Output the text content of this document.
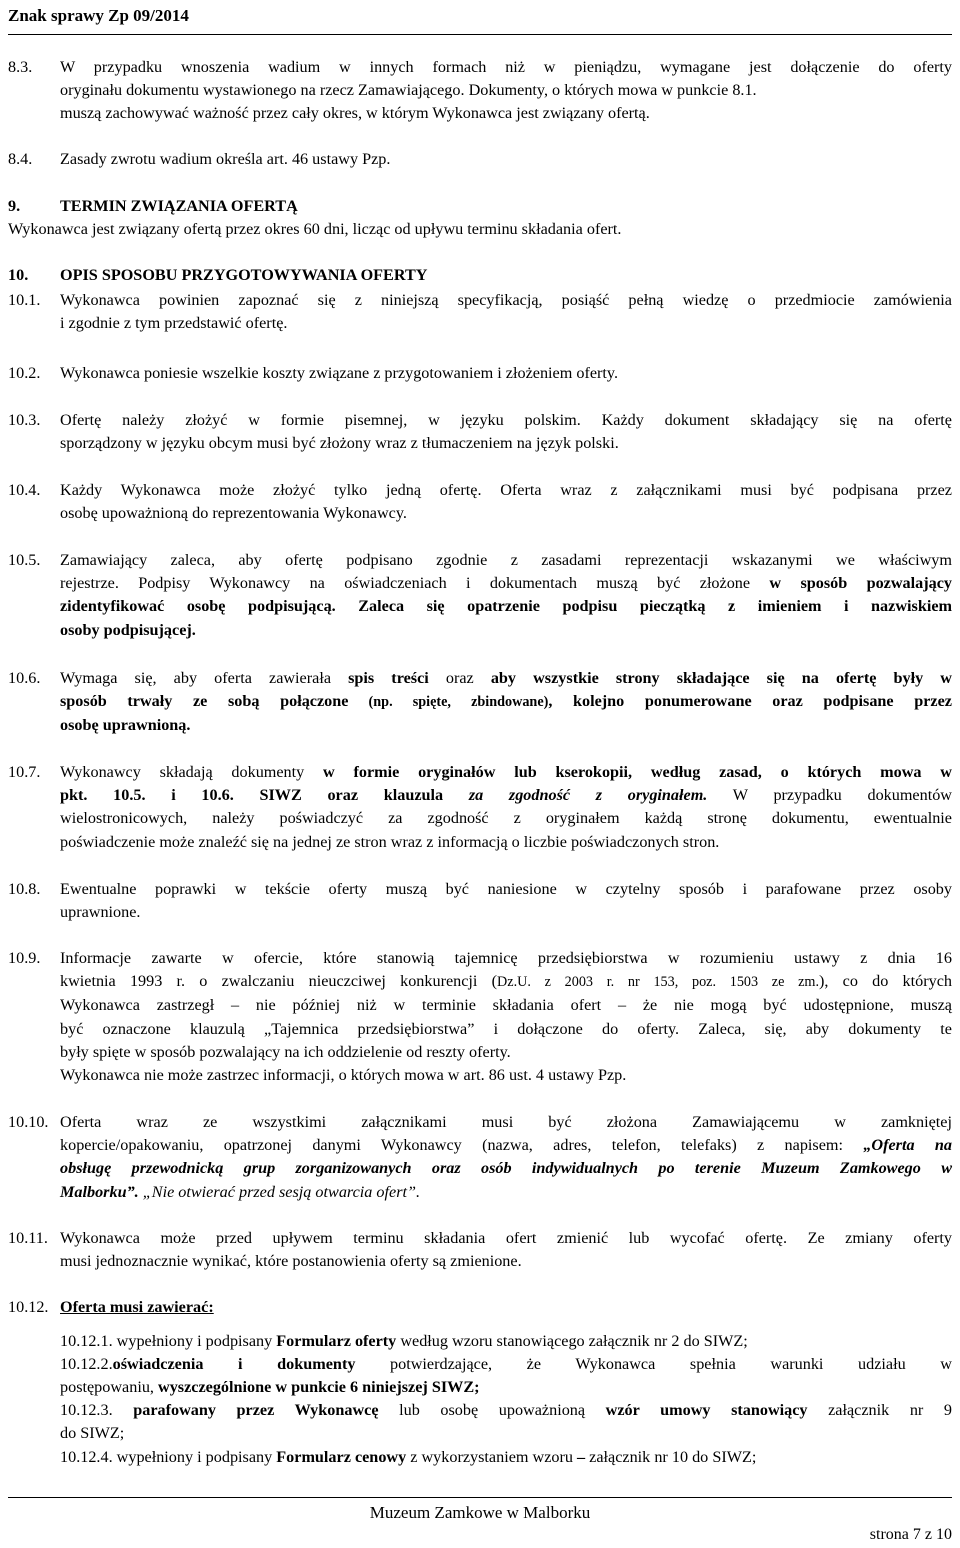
Znak sprawy Zp 09/2014
8.3. W przypadku wnoszenia wadium w innych formach niż w pieniądzu, wymagane jest dołączenie do oferty
oryginału dokumentu wystawionego na rzecz Zamawiającego. Dokumenty, o których mowa w punkcie 8.1.
muszą zachowywać ważność przez cały okres, w którym Wykonawca jest związany ofertą.
8.4. Zasady zwrotu wadium określa art. 46 ustawy Pzp.
9. TERMIN ZWIĄZANIA OFERTĄ
Wykonawca jest związany ofertą przez okres 60 dni, licząc od upływu terminu składania ofert.
10. OPIS SPOSOBU PRZYGOTOWYWANIA OFERTY
10.1. Wykonawca powinien zapoznać się z niniejszą specyfikacją, posiąść pełną wiedzę o przedmiocie zamówienia
i zgodnie z tym przedstawić ofertę.
10.2. Wykonawca poniesie wszelkie koszty związane z przygotowaniem i złożeniem oferty.
10.3. Ofertę należy złożyć w formie pisemnej, w języku polskim. Każdy dokument składający się na ofertę
sporządzony w języku obcym musi być złożony wraz z tłumaczeniem na język polski.
10.4. Każdy Wykonawca może złożyć tylko jedną ofertę. Oferta wraz z załącznikami musi być podpisana przez
osobę upoważnioną do reprezentowania Wykonawcy.
10.5. Zamawiający zaleca, aby ofertę podpisano zgodnie z zasadami reprezentacji wskazanymi we właściwym
rejestrze. Podpisy Wykonawcy na oświadczeniach i dokumentach muszą być złożone w sposób pozwalający
zidentyfikować osobę podpisującą. Zaleca się opatrzenie podpisu pieczątką z imieniem i nazwiskiem
osoby podpisującej.
10.6. Wymaga się, aby oferta zawierała spis treści oraz aby wszystkie strony składające się na ofertę były w
sposób trwały ze sobą połączone (np. spięte, zbindowane), kolejno ponumerowane oraz podpisane przez
osobę uprawnioną.
10.7. Wykonawcy składają dokumenty w formie oryginałów lub kserokopii, według zasad, o których mowa w
pkt. 10.5. i 10.6. SIWZ oraz klauzula za zgodność z oryginałem. W przypadku dokumentów
wielostronicowych, należy poświadczyć za zgodność z oryginałem każdą stronę dokumentu, ewentualnie
poświadczenie może znaleźć się na jednej ze stron wraz z informacją o liczbie poświadczonych stron.
10.8. Ewentualne poprawki w tekście oferty muszą być naniesione w czytelny sposób i parafowane przez osoby
uprawnione.
10.9. Informacje zawarte w ofercie, które stanowią tajemnicę przedsiębiorstwa w rozumieniu ustawy z dnia 16
kwietnia 1993 r. o zwalczaniu nieuczciwej konkurencji (Dz.U. z 2003 r. nr 153, poz. 1503 ze zm.), co do których
Wykonawca zastrzegł – nie później niż w terminie składania ofert – że nie mogą być udostępnione, muszą
być oznaczone klauzulą „Tajemnica przedsiębiorstwa” i dołączone do oferty. Zaleca, się, aby dokumenty te
były spięte w sposób pozwalający na ich oddzielenie od reszty oferty.
Wykonawca nie może zastrzec informacji, o których mowa w art. 86 ust. 4 ustawy Pzp.
10.10. Oferta wraz ze wszystkimi załącznikami musi być złożona Zamawiającemu w zamkniętej
kopercie/opakowaniu, opatrzonej danymi Wykonawcy (nazwa, adres, telefon, telefaks) z napisem: „Oferta na
obsługę przewodnicką grup zorganizowanych oraz osób indywidualnych po terenie Muzeum Zamkowego w
Malborku”. „Nie otwierać przed sesją otwarcia ofert”.
10.11. Wykonawca może przed upływem terminu składania ofert zmienić lub wycofać ofertę. Ze zmiany oferty
musi jednoznacznie wynikać, które postanowienia oferty są zmienione.
10.12. Oferta musi zawierać:
10.12.1. wypełniony i podpisany Formularz oferty według wzoru stanowiącego załącznik nr 2 do SIWZ;
10.12.2.oświadczenia i dokumenty potwierdzające, że Wykonawca spełnia warunki udziału w
postępowaniu, wyszczególnione w punkcie 6 niniejszej SIWZ;
10.12.3. parafowany przez Wykonawcę lub osobę upoważnioną wzór umowy stanowiący załącznik nr 9
do SIWZ;
10.12.4. wypełniony i podpisany Formularz cenowy z wykorzystaniem wzoru – załącznik nr 10 do SIWZ;
Muzeum Zamkowe w Malborku
strona 7 z 10
